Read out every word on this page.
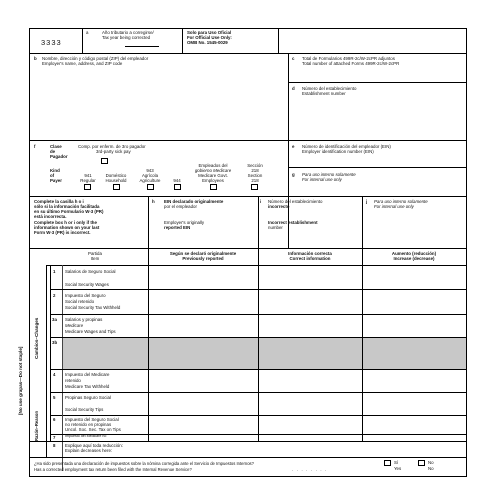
3333
a	Año tributario a corregirse/
Tax year being corrected
Solo para Uso Oficial
For Official Use Only:
OMB No. 1545-0029
b Nombre, dirección y código postal (ZIP) del empleador
Employer's name, address, and ZIP code
c Total de Formularios 499R-2c/W-2cPR adjuntos
Total number of attached Forms 499R-2c/W-2cPR
d Número del establecimiento
Establishment number
f	Clase
de
Pagador
Comp. por enferm. de 3ro pagador
3rd-party sick pay
Kind
of
Payer
941
Regular
Doméstico
Household
943
Agrícola
Agriculture	944
Empleados del
gobierno Medicare
Medicare Govt.
Employees
Sección
218
Section
218
e Número de identificación del empleador (EIN)
Employer identification number (EIN)
g Para uso interno solamente
For internal use only
Complete la casilla h o i
sólo si la información facilitada
en su último Formulario W-3 (PR)
está incorrecta.
Complete box h or i only if the
information shown on your last
Form W-3 (PR) is incorrect.
h EIN declarado originalmente
por el empleador
Employer's originally
reported EIN
i Número del establecimiento
incorrecto
Incorrect establishment
number
j Para uso interno solamente
For internal use only
Partida
Item
Según se declaró originalmente
Previously reported
Información correcta
Correct information
Aumento (reducción)
Increase (decrease)
[No use grapas—Do not staple]
Cambios–Changes
Razón–Reason
1 Salarios de Seguro Social
Social Security Wages
2 Impuesto del Seguro
Social retenido
Social Security Tax Withheld
3a Salarios y propinas
Medicare
Medicare Wages and Tips
3b
4 Impuesto del Medicare
retenido
Medicare Tax Withheld
5 Propinas Seguro Social
Social Security Tips
6 Impuesto del Seguro Social
no retenido en propinas
Uncol. Soc. Sec. Tax on Tips
7	Impuesto del Medicare no
8 Explique aquí toda reducción:
Explain decreases here:
¿Ha sido presentada una declaración de impuestos sobre la nómina corregida ante el Servicio de Impuestos Internos?
Has a corrected employment tax return been filed with the Internal Revenue Service?	. . . . . . . .
Sí
Yes
No
No
